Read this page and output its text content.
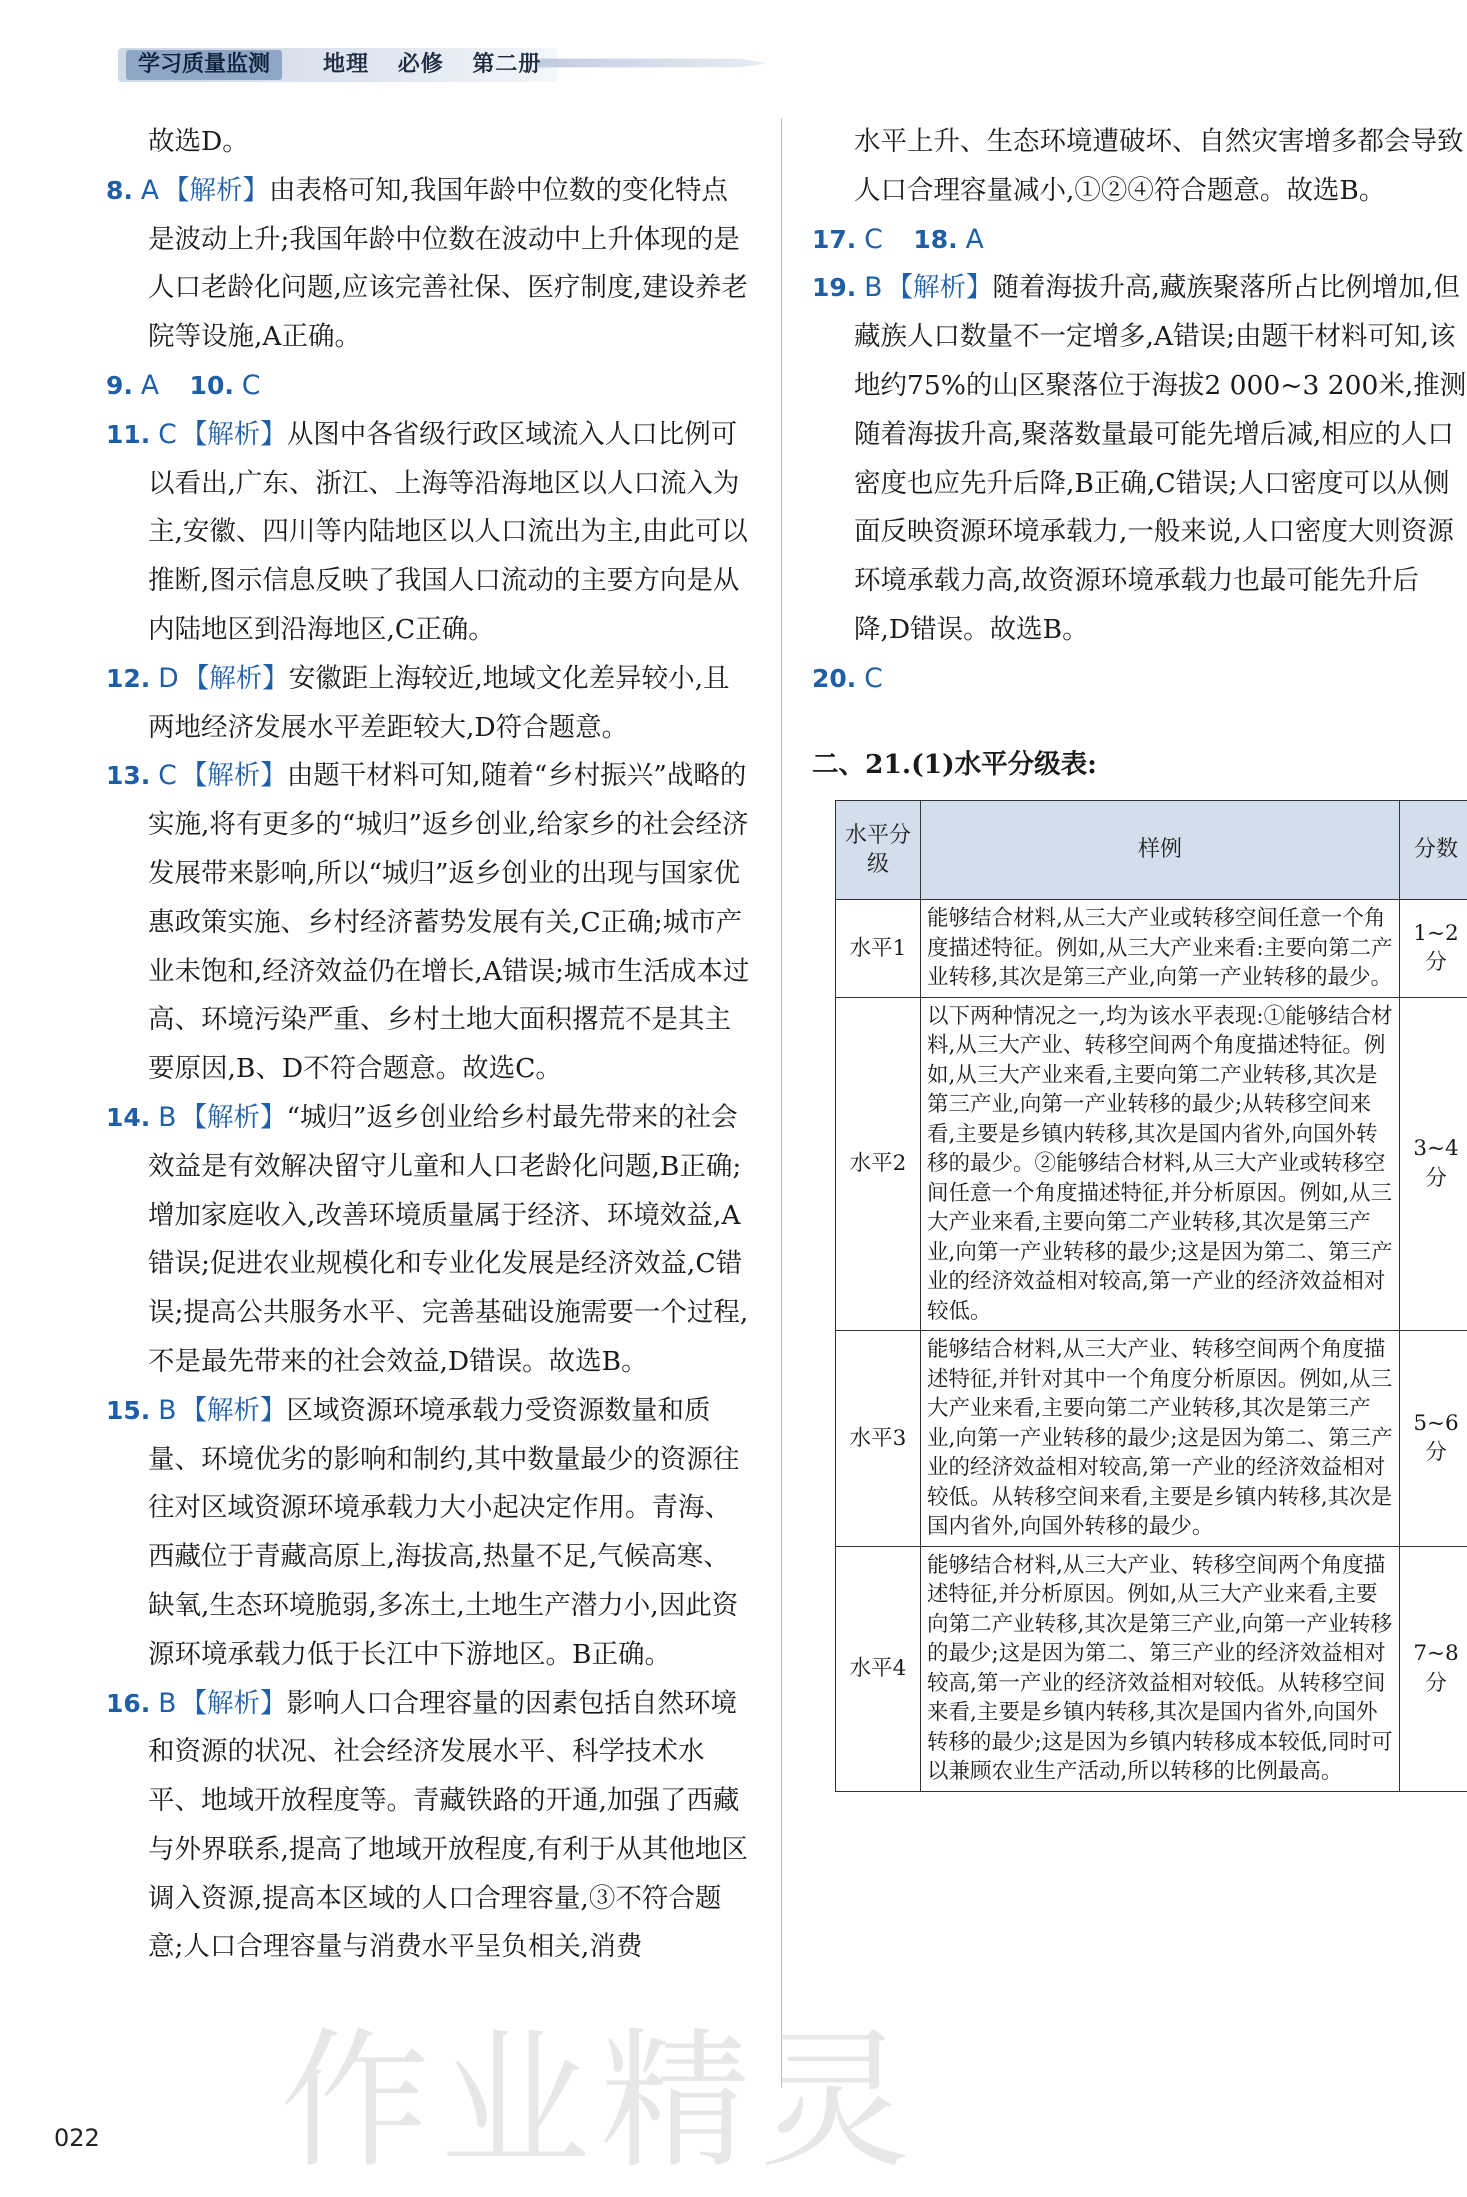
学习质量监测	地理 必修 第二册

故选D。

8. A 【解析】由表格可知,我国年龄中位数的变化特点是波动上升;我国年龄中位数在波动中上升体现的是人口老龄化问题,应该完善社保、医疗制度,建设养老院等设施,A正确。

9. A  10. C

11. C 【解析】从图中各省级行政区域流入人口比例可以看出,广东、浙江、上海等沿海地区以人口流入为主,安徽、四川等内陆地区以人口流出为主,由此可以推断,图示信息反映了我国人口流动的主要方向是从内陆地区到沿海地区,C正确。

12. D 【解析】安徽距上海较近,地域文化差异较小,且两地经济发展水平差距较大,D符合题意。

13. C 【解析】由题干材料可知,随着“乡村振兴”战略的实施,将有更多的“城归”返乡创业,给家乡的社会经济发展带来影响,所以“城归”返乡创业的出现与国家优惠政策实施、乡村经济蓄势发展有关,C正确;城市产业未饱和,经济效益仍在增长,A错误;城市生活成本过高、环境污染严重、乡村土地大面积撂荒不是其主要原因,B、D不符合题意。故选C。

14. B 【解析】“城归”返乡创业给乡村最先带来的社会效益是有效解决留守儿童和人口老龄化问题,B正确;增加家庭收入,改善环境质量属于经济、环境效益,A错误;促进农业规模化和专业化发展是经济效益,C错误;提高公共服务水平、完善基础设施需要一个过程,不是最先带来的社会效益,D错误。故选B。

15. B 【解析】区域资源环境承载力受资源数量和质量、环境优劣的影响和制约,其中数量最少的资源往往对区域资源环境承载力大小起决定作用。青海、西藏位于青藏高原上,海拔高,热量不足,气候高寒、缺氧,生态环境脆弱,多冻土,土地生产潜力小,因此资源环境承载力低于长江中下游地区。B正确。

16. B 【解析】影响人口合理容量的因素包括自然环境和资源的状况、社会经济发展水平、科学技术水平、地域开放程度等。青藏铁路的开通,加强了西藏与外界联系,提高了地域开放程度,有利于从其他地区调入资源,提高本区域的人口合理容量,③不符合题意;人口合理容量与消费水平呈负相关,消费

水平上升、生态环境遭破坏、自然灾害增多都会导致人口合理容量减小,①②④符合题意。故选B。

17. C  18. A

19. B 【解析】随着海拔升高,藏族聚落所占比例增加,但藏族人口数量不一定增多,A错误;由题干材料可知,该地约75%的山区聚落位于海拔2 000~3 200米,推测随着海拔升高,聚落数量最可能先增后减,相应的人口密度也应先升后降,B正确,C错误;人口密度可以从侧面反映资源环境承载力,一般来说,人口密度大则资源环境承载力高,故资源环境承载力也最可能先升后降,D错误。故选B。

20. C

二、21.(1)水平分级表:
水平分级	样例	分数
水平1	能够结合材料,从三大产业或转移空间任意一个角度描述特征。例如,从三大产业来看:主要向第二产业转移,其次是第三产业,向第一产业转移的最少。	1~2分
水平2	以下两种情况之一,均为该水平表现:①能够结合材料,从三大产业、转移空间两个角度描述特征。例如,从三大产业来看,主要向第二产业转移,其次是第三产业,向第一产业转移的最少;从转移空间来看,主要是乡镇内转移,其次是国内省外,向国外转移的最少。②能够结合材料,从三大产业或转移空间任意一个角度描述特征,并分析原因。例如,从三大产业来看,主要向第二产业转移,其次是第三产业,向第一产业转移的最少;这是因为第二、第三产业的经济效益相对较高,第一产业的经济效益相对较低。	3~4分
水平3	能够结合材料,从三大产业、转移空间两个角度描述特征,并针对其中一个角度分析原因。例如,从三大产业来看,主要向第二产业转移,其次是第三产业,向第一产业转移的最少;这是因为第二、第三产业的经济效益相对较高,第一产业的经济效益相对较低。从转移空间来看,主要是乡镇内转移,其次是国内省外,向国外转移的最少。	5~6分
水平4	能够结合材料,从三大产业、转移空间两个角度描述特征,并分析原因。例如,从三大产业来看,主要向第二产业转移,其次是第三产业,向第一产业转移的最少;这是因为第二、第三产业的经济效益相对较高,第一产业的经济效益相对较低。从转移空间来看,主要是乡镇内转移,其次是国内省外,向国外转移的最少;这是因为乡镇内转移成本较低,同时可以兼顾农业生产活动,所以转移的比例最高。	7~8分
作业精灵
022
